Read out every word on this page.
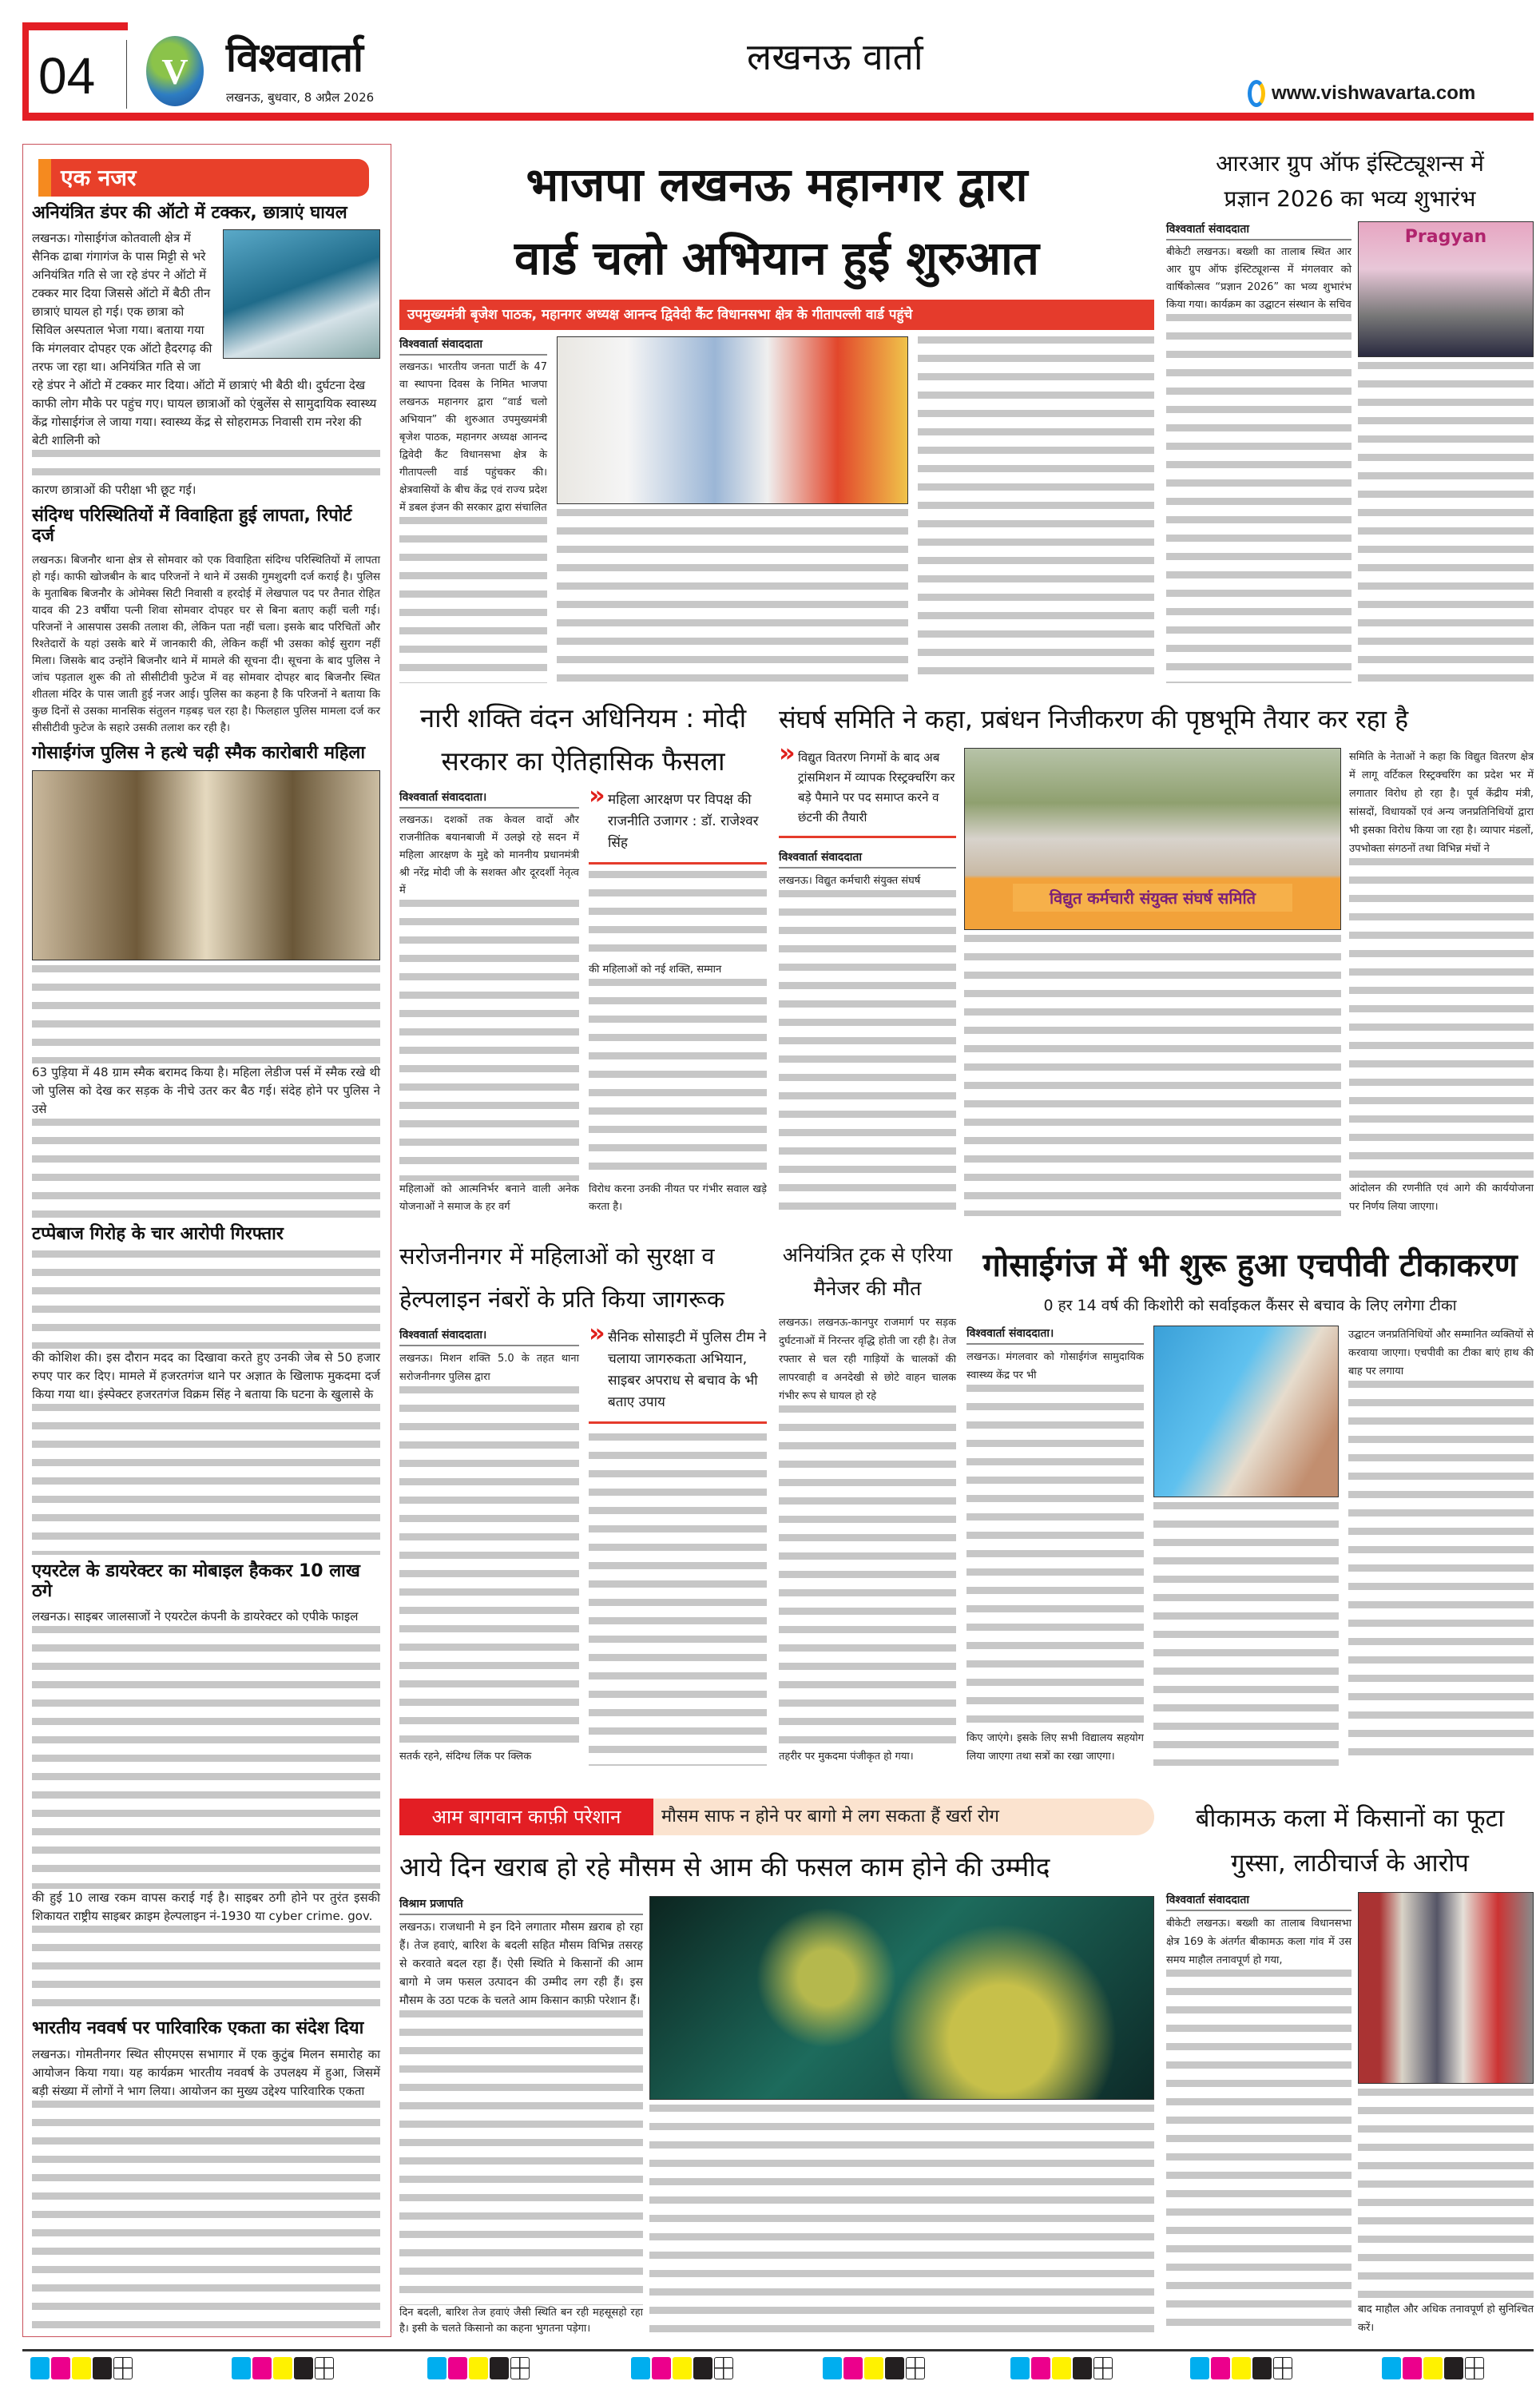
04	V विश्ववार्ता
लखनऊ, बुधवार, 8 अप्रैल 2026
लखनऊ वार्ता
www.vishwavarta.com
एक नजर
अनियंत्रित डंपर की ऑटो में टक्कर, छात्राएं घायल
लखनऊ। गोसाईगंज कोतवाली क्षेत्र में सैनिक ढाबा गंगागंज के पास मिट्टी से भरे अनियंत्रित गति से जा रहे डंपर ने ऑटो में टक्कर मार दिया जिससे ऑटो में बैठी तीन छात्राएं घायल हो गई। एक छात्रा को सिविल अस्पताल भेजा गया। बताया गया कि मंगलवार दोपहर एक ऑटो हैदरगढ़ की तरफ जा रहा था। अनियंत्रित गति से जा रहे डंपर ने ऑटो में टक्कर मार दिया। ऑटो में छात्राएं भी बैठी थी। दुर्घटना देख काफी लोग मौके पर पहुंच गए। घायल छात्राओं को एंबुलेंस से सामुदायिक स्वास्थ्य केंद्र गोसाईगंज ले जाया गया। स्वास्थ्य केंद्र से सोहरामऊ निवासी राम नरेश की बेटी शालिनी को
कारण छात्राओं की परीक्षा भी छूट गई।
संदिग्ध परिस्थितियों में विवाहिता हुई लापता, रिपोर्ट दर्ज
लखनऊ। बिजनौर थाना क्षेत्र से सोमवार को एक विवाहिता संदिग्ध परिस्थितियों में लापता हो गई। काफी खोजबीन के बाद परिजनों ने थाने में उसकी गुमशुदगी दर्ज कराई है। पुलिस के मुताबिक बिजनौर के ओमेक्स सिटी निवासी व हरदोई में लेखपाल पद पर तैनात रोहित यादव की 23 वर्षीया पत्नी शिवा सोमवार दोपहर घर से बिना बताए कहीं चली गई। परिजनों ने आसपास उसकी तलाश की, लेकिन पता नहीं चला। इसके बाद परिचितों और रिश्तेदारों के यहां उसके बारे में जानकारी की, लेकिन कहीं भी उसका कोई सुराग नहीं मिला। जिसके बाद उन्होंने बिजनौर थाने में मामले की सूचना दी। सूचना के बाद पुलिस ने जांच पड़ताल शुरू की तो सीसीटीवी फुटेज में वह सोमवार दोपहर बाद बिजनौर स्थित शीतला मंदिर के पास जाती हुई नजर आई। पुलिस का कहना है कि परिजनों ने बताया कि कुछ दिनों से उसका मानसिक संतुलन गड़बड़ चल रहा है। फिलहाल पुलिस मामला दर्ज कर सीसीटीवी फुटेज के सहारे उसकी तलाश कर रही है।
गोसाईगंज पुलिस ने हत्थे चढ़ी स्मैक कारोबारी महिला
63 पुड़िया में 48 ग्राम स्मैक बरामद किया है। महिला लेडीज पर्स में स्मैक रखे थी जो पुलिस को देख कर सड़क के नीचे उतर कर बैठ गई। संदेह होने पर पुलिस ने उसे
टप्पेबाज गिरोह के चार आरोपी गिरफ्तार
की कोशिश की। इस दौरान मदद का दिखावा करते हुए उनकी जेब से 50 हजार रुपए पार कर दिए। मामले में हजरतगंज थाने पर अज्ञात के खिलाफ मुकदमा दर्ज किया गया था। इंस्पेक्टर हजरतगंज विक्रम सिंह ने बताया कि घटना के खुलासे के
एयरटेल के डायरेक्टर का मोबाइल हैककर 10 लाख ठगे
लखनऊ। साइबर जालसाजों ने एयरटेल कंपनी के डायरेक्टर को एपीके फाइल
की हुई 10 लाख रकम वापस कराई गई है। साइबर ठगी होने पर तुरंत इसकी शिकायत राष्ट्रीय साइबर क्राइम हेल्पलाइन नं-1930 या cyber crime. gov.
भारतीय नववर्ष पर पारिवारिक एकता का संदेश दिया
लखनऊ। गोमतीनगर स्थित सीएमएस सभागार में एक कुटुंब मिलन समारोह का आयोजन किया गया। यह कार्यक्रम भारतीय नववर्ष के उपलक्ष्य में हुआ, जिसमें बड़ी संख्या में लोगों ने भाग लिया। आयोजन का मुख्य उद्देश्य पारिवारिक एकता
भाजपा लखनऊ महानगर द्वारा
वार्ड चलो अभियान हुई शुरुआत
उपमुख्यमंत्री बृजेश पाठक, महानगर अध्यक्ष आनन्द द्विवेदी कैंट विधानसभा क्षेत्र के गीतापल्ली वार्ड पहुंचे
विश्ववार्ता संवाददाता
लखनऊ। भारतीय जनता पार्टी के 47 वा स्थापना दिवस के निमित भाजपा लखनऊ महानगर द्वारा “वार्ड चलो अभियान” की शुरुआत उपमुख्यमंत्री बृजेश पाठक, महानगर अध्यक्ष आनन्द द्विवेदी कैंट विधानसभा क्षेत्र के गीतापल्ली वार्ड पहुंचकर की। क्षेत्रवासियों के बीच केंद्र एवं राज्य प्रदेश में डबल इंजन की सरकार द्वारा संचालित
आरआर ग्रुप ऑफ इंस्टिट्यूशन्स में
प्रज्ञान 2026 का भव्य शुभारंभ
विश्ववार्ता संवाददाता
बीकेटी लखनऊ। बख्शी का तालाब स्थित आर आर ग्रुप ऑफ इंस्टिट्यूशन्स में मंगलवार को वार्षिकोत्सव “प्रज्ञान 2026” का भव्य शुभारंभ किया गया। कार्यक्रम का उद्घाटन संस्थान के सचिव
Pragyan
नारी शक्ति वंदन अधिनियम : मोदी
सरकार का ऐतिहासिक फैसला
विश्ववार्ता संवाददाता।
लखनऊ। दशकों तक केवल वादों और राजनीतिक बयानबाजी में उलझे रहे सदन में महिला आरक्षण के मुद्दे को माननीय प्रधानमंत्री श्री नरेंद्र मोदी जी के सशक्त और दूरदर्शी नेतृत्व में
महिलाओं को आत्मनिर्भर बनाने वाली अनेक योजनाओं ने समाज के हर वर्ग
» महिला आरक्षण पर विपक्ष की राजनीति उजागर : डॉ. राजेश्वर सिंह
की महिलाओं को नई शक्ति, सम्मान
विरोध करना उनकी नीयत पर गंभीर सवाल खड़े करता है।
संघर्ष समिति ने कहा, प्रबंधन निजीकरण की पृष्ठभूमि तैयार कर रहा है
» विद्युत वितरण निगमों के बाद अब ट्रांसमिशन में व्यापक रिस्ट्रक्चरिंग कर बड़े पैमाने पर पद समाप्त करने व छंटनी की तैयारी
विश्ववार्ता संवाददाता
लखनऊ। विद्युत कर्मचारी संयुक्त संघर्ष
विद्युत कर्मचारी संयुक्त संघर्ष समिति
समिति के नेताओं ने कहा कि विद्युत वितरण क्षेत्र में लागू वर्टिकल रिस्ट्रक्चरिंग का प्रदेश भर में लगातार विरोध हो रहा है। पूर्व केंद्रीय मंत्री, सांसदों, विधायकों एवं अन्य जनप्रतिनिधियों द्वारा भी इसका विरोध किया जा रहा है। व्यापार मंडलों, उपभोक्ता संगठनों तथा विभिन्न मंचों ने
आंदोलन की रणनीति एवं आगे की कार्ययोजना पर निर्णय लिया जाएगा।
सरोजनीनगर में महिलाओं को सुरक्षा व
हेल्पलाइन नंबरों के प्रति किया जागरूक
विश्ववार्ता संवाददाता।
लखनऊ। मिशन शक्ति 5.0 के तहत थाना सरोजनीनगर पुलिस द्वारा
सतर्क रहने, संदिग्ध लिंक पर क्लिक
» सैनिक सोसाइटी में पुलिस टीम ने चलाया जागरुकता अभियान, साइबर अपराध से बचाव के भी बताए उपाय
अनियंत्रित ट्रक से एरिया मैनेजर की मौत
लखनऊ। लखनऊ-कानपुर राजमार्ग पर सड़क दुर्घटनाओं में निरन्तर वृद्धि होती जा रही है। तेज रफ्तार से चल रही गाड़ियों के चालकों की लापरवाही व अनदेखी से छोटे वाहन चालक गंभीर रूप से घायल हो रहे
तहरीर पर मुकदमा पंजीकृत हो गया।
गोसाईगंज में भी शुरू हुआ एचपीवी टीकाकरण
0 हर 14 वर्ष की किशोरी को सर्वाइकल कैंसर से बचाव के लिए लगेगा टीका
विश्ववार्ता संवाददाता।
लखनऊ। मंगलवार को गोसाईगंज सामुदायिक स्वास्थ्य केंद्र पर भी
किए जाएंगे। इसके लिए सभी विद्यालय सहयोग लिया जाएगा तथा सत्रों का रखा जाएगा।
उद्घाटन जनप्रतिनिधियों और सम्मानित व्यक्तियों से करवाया जाएगा। एचपीवी का टीका बाएं हाथ की बाह पर लगाया
आम बागवान काफ़ी परेशान	मौसम साफ न होने पर बागो मे लग सकता हैं खर्रा रोग
आये दिन खराब हो रहे मौसम से आम की फसल काम होने की उम्मीद
विश्राम प्रजापति
लखनऊ। राजधानी मे इन दिने लगातार मौसम ख़राब हो रहा हैं। तेज हवाएं, बारिश के बदली सहित मौसम विभिन्न तसरह से करवाते बदल रहा हैं। ऐसी स्थिति मे किसानों की आम बागो मे जम फसल उत्पादन की उम्मीद लग रही हैं। इस मौसम के उठा पटक के चलते आम किसान काफ़ी परेशान हैं।
दिन बदली, बारिश तेज हवाएं जैसी स्थिति बन रही महसूसहो रहा है। इसी के चलते किसानो का कहना भुगतना पड़ेगा।
बीकामऊ कला में किसानों का फूटा
गुस्सा, लाठीचार्ज के आरोप
विश्ववार्ता संवाददाता
बीकेटी लखनऊ। बख्शी का तालाब विधानसभा क्षेत्र 169 के अंतर्गत बीकामऊ कला गांव में उस समय माहौल तनावपूर्ण हो गया,
बाद माहौल और अधिक तनावपूर्ण हो सुनिश्चित करें।
